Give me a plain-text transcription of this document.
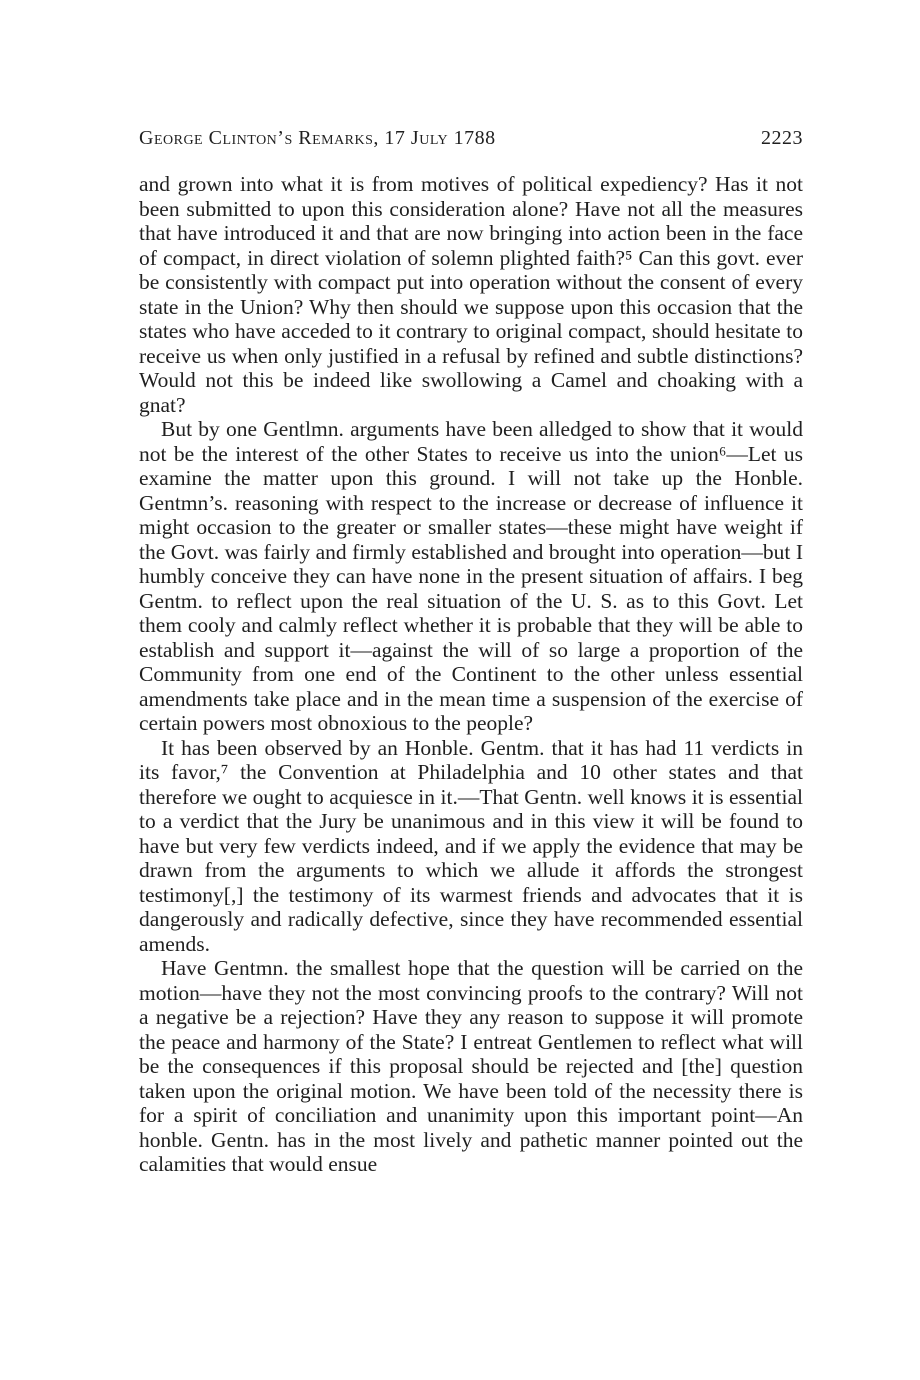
George Clinton’s Remarks, 17 July 1788	2223

and grown into what it is from motives of political expediency? Has it not been submitted to upon this consideration alone? Have not all the measures that have introduced it and that are now bringing into action been in the face of compact, in direct violation of solemn plighted faith?⁵ Can this govt. ever be consistently with compact put into operation without the consent of every state in the Union? Why then should we suppose upon this occasion that the states who have acceded to it contrary to original compact, should hesitate to receive us when only justified in a refusal by refined and subtle distinctions? Would not this be indeed like swollowing a Camel and choaking with a gnat?

But by one Gentlmn. arguments have been alledged to show that it would not be the interest of the other States to receive us into the union⁶—Let us examine the matter upon this ground. I will not take up the Honble. Gentmn’s. reasoning with respect to the increase or decrease of influence it might occasion to the greater or smaller states—these might have weight if the Govt. was fairly and firmly established and brought into operation—but I humbly conceive they can have none in the present situation of affairs. I beg Gentm. to reflect upon the real situation of the U. S. as to this Govt. Let them cooly and calmly reflect whether it is probable that they will be able to establish and support it—against the will of so large a proportion of the Community from one end of the Continent to the other unless essential amendments take place and in the mean time a suspension of the exercise of certain powers most obnoxious to the people?

It has been observed by an Honble. Gentm. that it has had 11 verdicts in its favor,⁷ the Convention at Philadelphia and 10 other states and that therefore we ought to acquiesce in it.—That Gentn. well knows it is essential to a verdict that the Jury be unanimous and in this view it will be found to have but very few verdicts indeed, and if we apply the evidence that may be drawn from the arguments to which we allude it affords the strongest testimony[,] the testimony of its warmest friends and advocates that it is dangerously and radically defective, since they have recommended essential amends.

Have Gentmn. the smallest hope that the question will be carried on the motion—have they not the most convincing proofs to the contrary? Will not a negative be a rejection? Have they any reason to suppose it will promote the peace and harmony of the State? I entreat Gentlemen to reflect what will be the consequences if this proposal should be rejected and [the] question taken upon the original motion. We have been told of the necessity there is for a spirit of conciliation and unanimity upon this important point—An honble. Gentn. has in the most lively and pathetic manner pointed out the calamities that would ensue
